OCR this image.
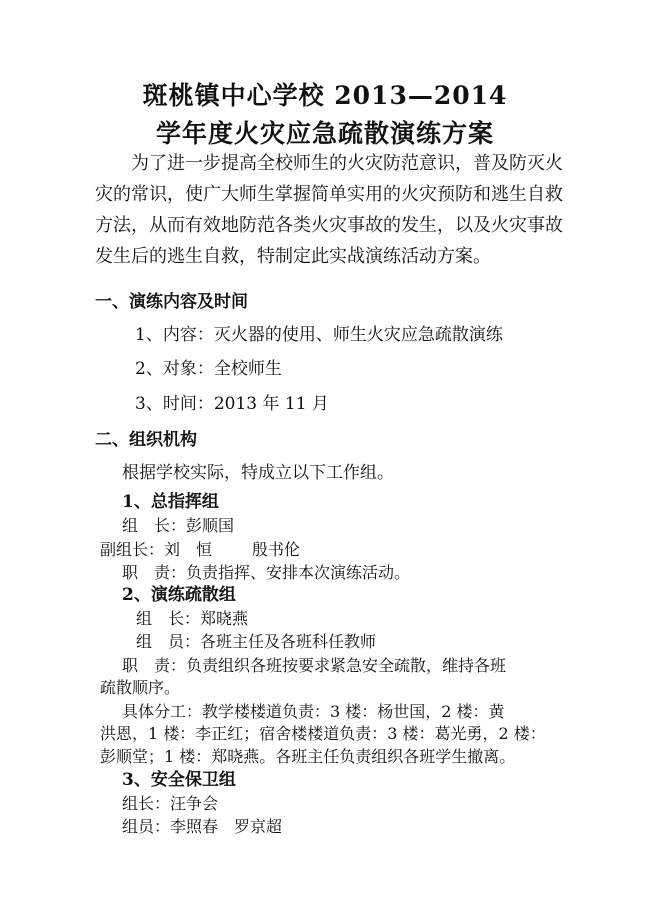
斑桃镇中心学校 2013—2014
学年度火灾应急疏散演练方案
为了进一步提高全校师生的火灾防范意识，普及防灭火
灾的常识，使广大师生掌握简单实用的火灾预防和逃生自救
方法，从而有效地防范各类火灾事故的发生，以及火灾事故
发生后的逃生自救，特制定此实战演练活动方案。
一、演练内容及时间
1、内容：灭火器的使用、师生火灾应急疏散演练
2、对象：全校师生
3、时间：2013 年 11 月
二、组织机构
根据学校实际，特成立以下工作组。
1、总指挥组
组　长：彭顺国
副组长：刘　恒	殷书伦
职　责：负责指挥、安排本次演练活动。
2、演练疏散组
组　长：郑晓燕
组　员：各班主任及各班科任教师
职　责：负责组织各班按要求紧急安全疏散，维持各班
疏散顺序。
具体分工：教学楼楼道负责：3 楼：杨世国，2 楼：黄
洪恩，1 楼：李正红；宿舍楼楼道负责：3 楼：葛光勇，2 楼：
彭顺堂；1 楼：郑晓燕。各班主任负责组织各班学生撤离。
3、安全保卫组
组长：汪争会
组员：李照春　罗京超
